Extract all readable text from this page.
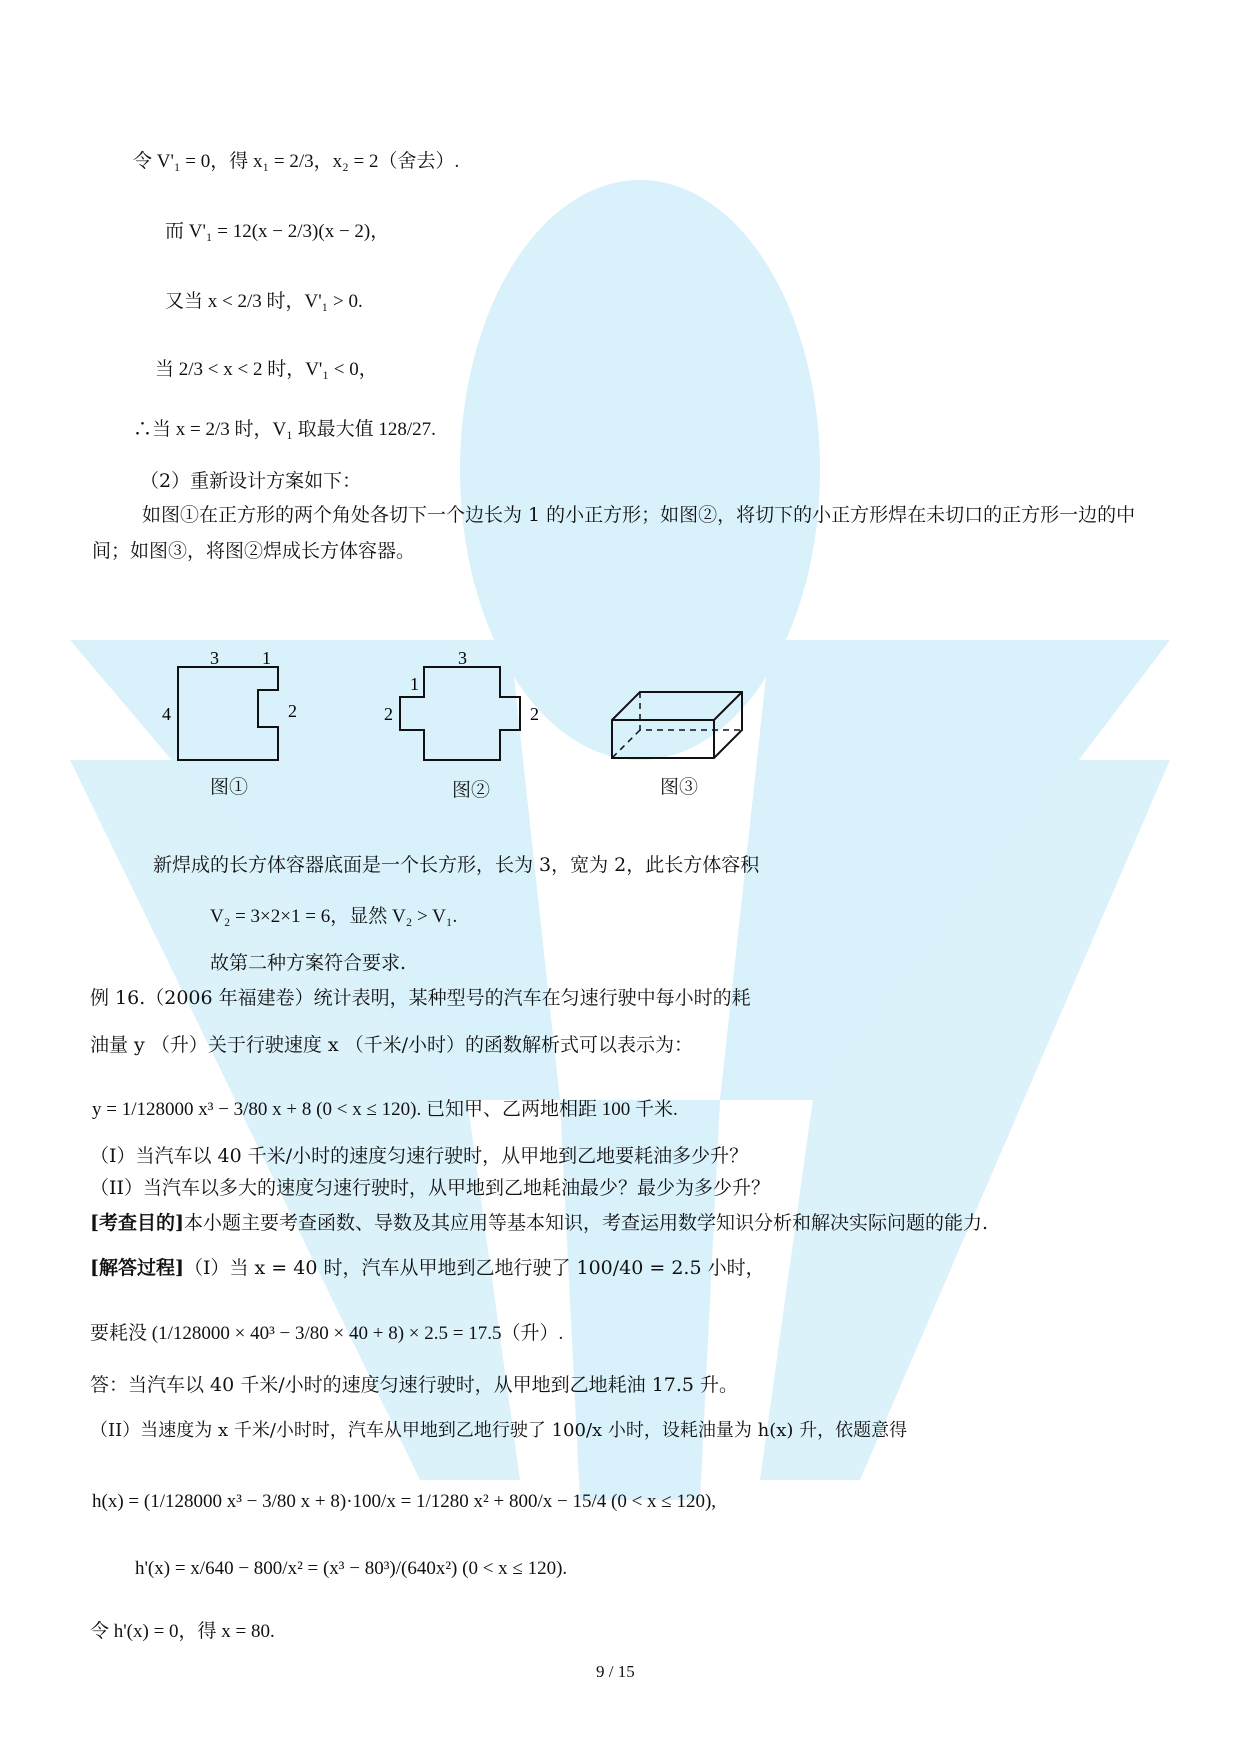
令 V'₁ = 0，得 x₁ = 2/3，x₂ = 2（舍去）.
而 V'₁ = 12(x − 2/3)(x − 2)，
又当 x < 2/3 时，V'₁ > 0.
当 2/3 < x < 2 时，V'₁ < 0，
∴当 x = 2/3 时，V₁ 取最大值 128/27.
（2）重新设计方案如下：
如图①在正方形的两个角处各切下一个边长为 1 的小正方形；如图②，将切下的小正方形焊在未切口的正方形一边的中间；如图③，将图②焊成长方体容器。
3 1
4	2
图①
3
1
2	2
图②	图③
新焊成的长方体容器底面是一个长方形，长为 3，宽为 2，此长方体容积
V₂ = 3×2×1 = 6，显然 V₂ > V₁.
故第二种方案符合要求.
例 16.（2006 年福建卷）统计表明，某种型号的汽车在匀速行驶中每小时的耗
油量 y （升）关于行驶速度 x （千米/小时）的函数解析式可以表示为：
y = 1/128000 x³ − 3/80 x + 8 (0 < x ≤ 120). 已知甲、乙两地相距 100 千米.
（I）当汽车以 40 千米/小时的速度匀速行驶时，从甲地到乙地要耗油多少升？
（II）当汽车以多大的速度匀速行驶时，从甲地到乙地耗油最少？最少为多少升？
[考查目的]本小题主要考查函数、导数及其应用等基本知识，考查运用数学知识分析和解决实际问题的能力.
[解答过程]（I）当 x = 40 时，汽车从甲地到乙地行驶了 100/40 = 2.5 小时，
要耗没 (1/128000 × 40³ − 3/80 × 40 + 8) × 2.5 = 17.5（升）.
答：当汽车以 40 千米/小时的速度匀速行驶时，从甲地到乙地耗油 17.5 升。
（II）当速度为 x 千米/小时时，汽车从甲地到乙地行驶了 100/x 小时，设耗油量为 h(x) 升，依题意得
h(x) = (1/128000 x³ − 3/80 x + 8)·100/x = 1/1280 x² + 800/x − 15/4 (0 < x ≤ 120),
h'(x) = x/640 − 800/x² = (x³ − 80³)/(640x²) (0 < x ≤ 120).
令 h'(x) = 0，得 x = 80.
9 / 15
